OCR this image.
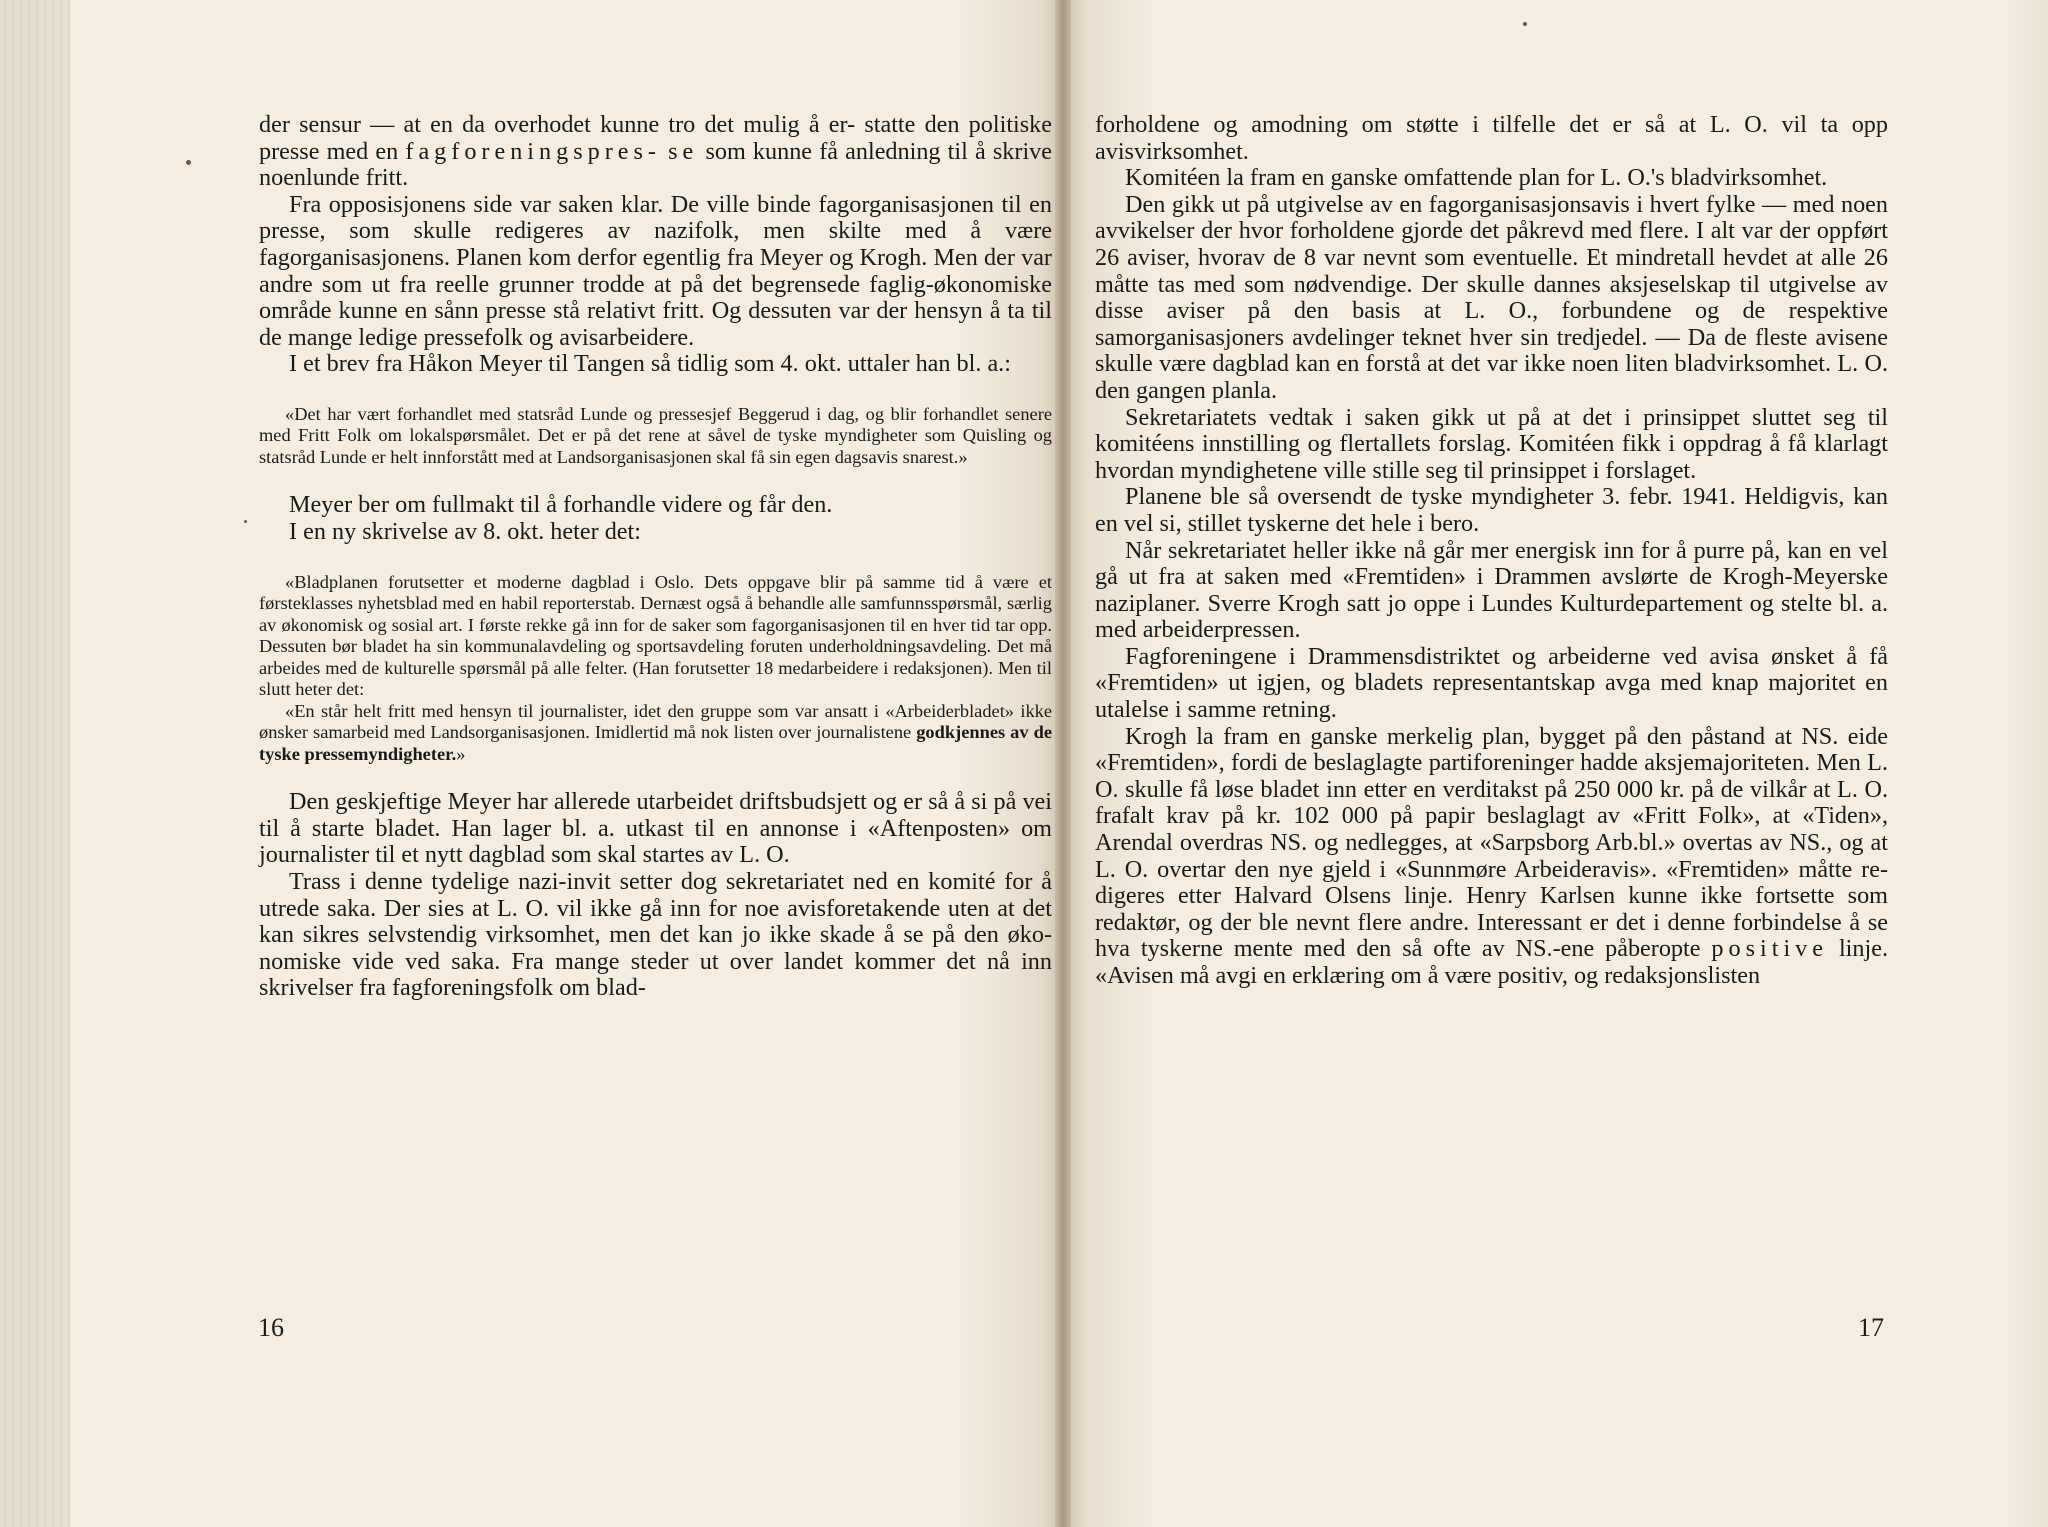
der sensur — at en da overhodet kunne tro det mulig å er- statte den politiske presse med en fagforeningspres- se som kunne få anledning til å skrive noenlunde fritt.

Fra opposisjonens side var saken klar. De ville binde fagorganisasjonen til en presse, som skulle redigeres av nazifolk, men skilte med å være fagorganisasjonens. Planen kom derfor egentlig fra Meyer og Krogh. Men der var andre som ut fra reelle grunner trodde at på det begrensede faglig-økonomiske område kunne en sånn presse stå relativt fritt. Og dessuten var der hensyn å ta til de mange ledige pressefolk og avisarbeidere.

I et brev fra Håkon Meyer til Tangen så tidlig som 4. okt. uttaler han bl. a.:

«Det har vært forhandlet med statsråd Lunde og pressesjef Beggerud i dag, og blir forhandlet senere med Fritt Folk om lokalspørsmålet. Det er på det rene at såvel de tyske myndigheter som Quisling og statsråd Lunde er helt innforstått med at Landsorganisasjonen skal få sin egen dagsavis snarest.»

Meyer ber om fullmakt til å forhandle videre og får den.

I en ny skrivelse av 8. okt. heter det:

«Bladplanen forutsetter et moderne dagblad i Oslo. Dets oppgave blir på samme tid å være et førsteklasses nyhetsblad med en habil reporterstab. Dernæst også å behandle alle samfunnsspørsmål, særlig av økonomisk og sosial art. I første rekke gå inn for de saker som fagorganisasjonen til en hver tid tar opp. Dessuten bør bladet ha sin kommunalavdeling og sportsavdeling foruten underholdningsavdeling. Det må arbeides med de kulturelle spørsmål på alle felter. (Han forutsetter 18 medarbeidere i redaksjonen). Men til slutt heter det:

«En står helt fritt med hensyn til journalister, idet den gruppe som var ansatt i «Arbeiderbladet» ikke ønsker samarbeid med Landsorganisasjonen. Imidlertid må nok listen over journalistene godkjennes av de tyske pressemyndigheter.»

Den geskjeftige Meyer har allerede utarbeidet driftsbudsjett og er så å si på vei til å starte bladet. Han lager bl. a. utkast til en annonse i «Aftenposten» om journalister til et nytt dagblad som skal startes av L. O.

Trass i denne tydelige nazi-invit setter dog sekretariatet ned en komité for å utrede saka. Der sies at L. O. vil ikke gå inn for noe avisforetakende uten at det kan sikres selvstendig virksomhet, men det kan jo ikke skade å se på den økonomiske vide ved saka. Fra mange steder ut over landet kommer det nå inn skrivelser fra fagforeningsfolk om blad-

16

forholdene og amodning om støtte i tilfelle det er så at L. O. vil ta opp avisvirksomhet.

Komitéen la fram en ganske omfattende plan for L. O.'s bladvirksomhet.

Den gikk ut på utgivelse av en fagorganisasjonsavis i hvert fylke — med noen avvikelser der hvor forholdene gjorde det påkrevd med flere. I alt var der oppført 26 aviser, hvorav de 8 var nevnt som eventuelle. Et mindretall hevdet at alle 26 måtte tas med som nødvendige. Der skulle dannes aksjeselskap til utgivelse av disse aviser på den basis at L. O., forbundene og de respektive samorganisasjoners avdelinger teknet hver sin tredjedel. — Da de fleste avisene skulle være dagblad kan en forstå at det var ikke noen liten bladvirksomhet. L. O. den gangen planla.

Sekretariatets vedtak i saken gikk ut på at det i prinsippet sluttet seg til komitéens innstilling og flertallets forslag. Komitéen fikk i oppdrag å få klarlagt hvordan myndighetene ville stille seg til prinsippet i forslaget.

Planene ble så oversendt de tyske myndigheter 3. febr. 1941. Heldigvis, kan en vel si, stillet tyskerne det hele i bero.

Når sekretariatet heller ikke nå går mer energisk inn for å purre på, kan en vel gå ut fra at saken med «Fremtiden» i Drammen avslørte de Krogh-Meyerske naziplaner. Sverre Krogh satt jo oppe i Lundes Kulturdepartement og stelte bl. a. med arbeiderpressen.

Fagforeningene i Drammensdistriktet og arbeiderne ved avisa ønsket å få «Fremtiden» ut igjen, og bladets representantskap avga med knap majoritet en utalelse i samme retning.

Krogh la fram en ganske merkelig plan, bygget på den påstand at NS. eide «Fremtiden», fordi de beslaglagte partiforeninger hadde aksjemajoriteten. Men L. O. skulle få løse bladet inn etter en verditakst på 250 000 kr. på de vilkår at L. O. frafalt krav på kr. 102 000 på papir beslaglagt av «Fritt Folk», at «Tiden», Arendal overdras NS. og nedlegges, at «Sarpsborg Arb.bl.» overtas av NS., og at L. O. overtar den nye gjeld i «Sunnmøre Arbeideravis». «Fremtiden» måtte redigeres etter Halvard Olsens linje. Henry Karlsen kunne ikke fortsette som redaktør, og der ble nevnt flere andre. Interessant er det i denne forbindelse å se hva tyskerne mente med den så ofte av NS.-ene påberopte positive linje. «Avisen må avgi en erklæring om å være positiv, og redaksjonslisten

17
